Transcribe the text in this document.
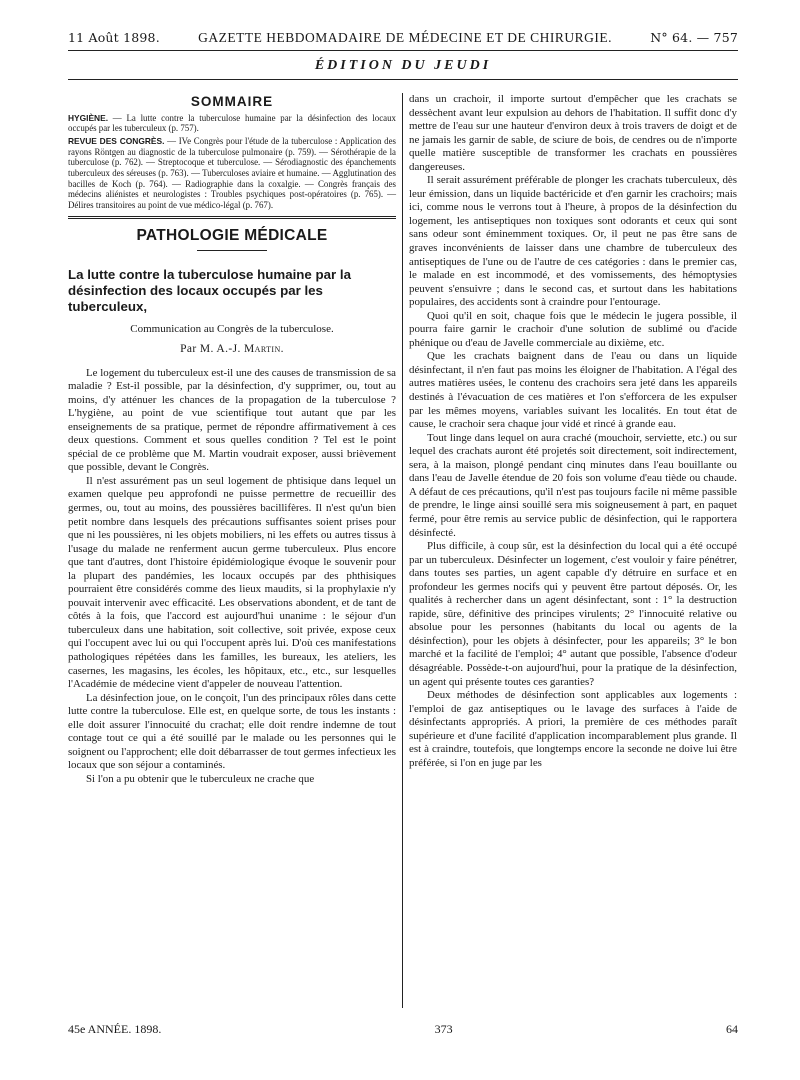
11 Août 1898.	GAZETTE HEBDOMADAIRE DE MÉDECINE ET DE CHIRURGIE.	N° 64. — 757
ÉDITION DU JEUDI
SOMMAIRE
HYGIÈNE. — La lutte contre la tuberculose humaine par la désinfection des locaux occupés par les tuberculeux (p. 757).
REVUE DES CONGRÈS. — IVe Congrès pour l'étude de la tuberculose : Application des rayons Röntgen au diagnostic de la tuberculose pulmonaire (p. 759). — Sérothérapie de la tuberculose (p. 762). — Streptocoque et tuberculose. — Sérodiagnostic des épanchements tuberculeux des séreuses (p. 763). — Tuberculoses aviaire et humaine. — Agglutination des bacilles de Koch (p. 764). — Radiographie dans la coxalgie. — Congrès français des médecins aliénistes et neurologistes : Troubles psychiques post-opératoires (p. 765). — Délires transitoires au point de vue médico-légal (p. 767).
PATHOLOGIE MÉDICALE
La lutte contre la tuberculose humaine par la désinfection des locaux occupés par les tuberculeux,
Communication au Congrès de la tuberculose.
Par M. A.-J. Martin.

Le logement du tuberculeux est-il une des causes de transmission de sa maladie ? Est-il possible, par la désinfection, d'y supprimer, ou, tout au moins, d'y atténuer les chances de la propagation de la tuberculose ? L'hygiène, au point de vue scientifique tout autant que par les enseignements de sa pratique, permet de répondre affirmativement à ces deux questions. Comment et sous quelles condition ? Tel est le point spécial de ce problème que M. Martin voudrait exposer, aussi brièvement que possible, devant le Congrès.

Il n'est assurément pas un seul logement de phtisique dans lequel un examen quelque peu approfondi ne puisse permettre de recueillir des germes, ou, tout au moins, des poussières bacillifères. Il n'est qu'un bien petit nombre dans lesquels des précautions suffisantes soient prises pour que ni les poussières, ni les objets mobiliers, ni les effets ou autres tissus à l'usage du malade ne renferment aucun germe tuberculeux. Plus encore que tant d'autres, dont l'histoire épidémiologique évoque le souvenir pour la plupart des pandémies, les locaux occupés par des phthisiques pourraient être considérés comme des lieux maudits, si la prophylaxie n'y pouvait intervenir avec efficacité. Les observations abondent, et de tant de côtés à la fois, que l'accord est aujourd'hui unanime : le séjour d'un tuberculeux dans une habitation, soit collective, soit privée, expose ceux qui l'occupent avec lui ou qui l'occupent après lui. D'où ces manifestations pathologiques répétées dans les familles, les bureaux, les ateliers, les casernes, les magasins, les écoles, les hôpitaux, etc., etc., sur lesquelles l'Académie de médecine vient d'appeler de nouveau l'attention.

La désinfection joue, on le conçoit, l'un des principaux rôles dans cette lutte contre la tuberculose. Elle est, en quelque sorte, de tous les instants : elle doit assurer l'innocuité du crachat; elle doit rendre indemne de tout contage tout ce qui a été souillé par le malade ou les personnes qui le soignent ou l'approchent; elle doit débarrasser de tout germes infectieux les locaux que son séjour a contaminés.

Si l'on a pu obtenir que le tuberculeux ne crache que

dans un crachoir, il importe surtout d'empêcher que les crachats se dessèchent avant leur expulsion au dehors de l'habitation. Il suffit donc d'y mettre de l'eau sur une hauteur d'environ deux à trois travers de doigt et de ne jamais les garnir de sable, de sciure de bois, de cendres ou de n'importe quelle matière susceptible de transformer les crachats en poussières dangereuses.

Il serait assurément préférable de plonger les crachats tuberculeux, dès leur émission, dans un liquide bactéricide et d'en garnir les crachoirs; mais ici, comme nous le verrons tout à l'heure, à propos de la désinfection du logement, les antiseptiques non toxiques sont odorants et ceux qui sont sans odeur sont éminemment toxiques. Or, il peut ne pas être sans de graves inconvénients de laisser dans une chambre de tuberculeux des antiseptiques de l'une ou de l'autre de ces catégories : dans le premier cas, le malade en est incommodé, et des vomissements, des hémoptysies peuvent s'ensuivre ; dans le second cas, et surtout dans les habitations populaires, des accidents sont à craindre pour l'entourage.

Quoi qu'il en soit, chaque fois que le médecin le jugera possible, il pourra faire garnir le crachoir d'une solution de sublimé ou d'acide phénique ou d'eau de Javelle commerciale au dixième, etc.

Que les crachats baignent dans de l'eau ou dans un liquide désinfectant, il n'en faut pas moins les éloigner de l'habitation. A l'égal des autres matières usées, le contenu des crachoirs sera jeté dans les appareils destinés à l'évacuation de ces matières et l'on s'efforcera de les expulser par les mêmes moyens, variables suivant les localités. En tout état de cause, le crachoir sera chaque jour vidé et rincé à grande eau.

Tout linge dans lequel on aura craché (mouchoir, serviette, etc.) ou sur lequel des crachats auront été projetés soit directement, soit indirectement, sera, à la maison, plongé pendant cinq minutes dans l'eau bouillante ou dans l'eau de Javelle étendue de 20 fois son volume d'eau tiède ou chaude. A défaut de ces précautions, qu'il n'est pas toujours facile ni même passible de prendre, le linge ainsi souillé sera mis soigneusement à part, en paquet fermé, pour être remis au service public de désinfection, qui le rapportera désinfecté.

Plus difficile, à coup sûr, est la désinfection du local qui a été occupé par un tuberculeux. Désinfecter un logement, c'est vouloir y faire pénétrer, dans toutes ses parties, un agent capable d'y détruire en surface et en profondeur les germes nocifs qui y peuvent être partout déposés. Or, les qualités à rechercher dans un agent désinfectant, sont : 1° la destruction rapide, sûre, définitive des principes virulents; 2° l'innocuité relative ou absolue pour les personnes (habitants du local ou agents de la désinfection), pour les objets à désinfecter, pour les appareils; 3° le bon marché et la facilité de l'emploi; 4° autant que possible, l'absence d'odeur désagréable. Possède-t-on aujourd'hui, pour la pratique de la désinfection, un agent qui présente toutes ces garanties?

Deux méthodes de désinfection sont applicables aux logements : l'emploi de gaz antiseptiques ou le lavage des surfaces à l'aide de désinfectants appropriés. A priori, la première de ces méthodes paraît supérieure et d'une facilité d'application incomparablement plus grande. Il est à craindre, toutefois, que longtemps encore la seconde ne doive lui être préférée, si l'on en juge par les

45e ANNÉE. 1898.	373	64
